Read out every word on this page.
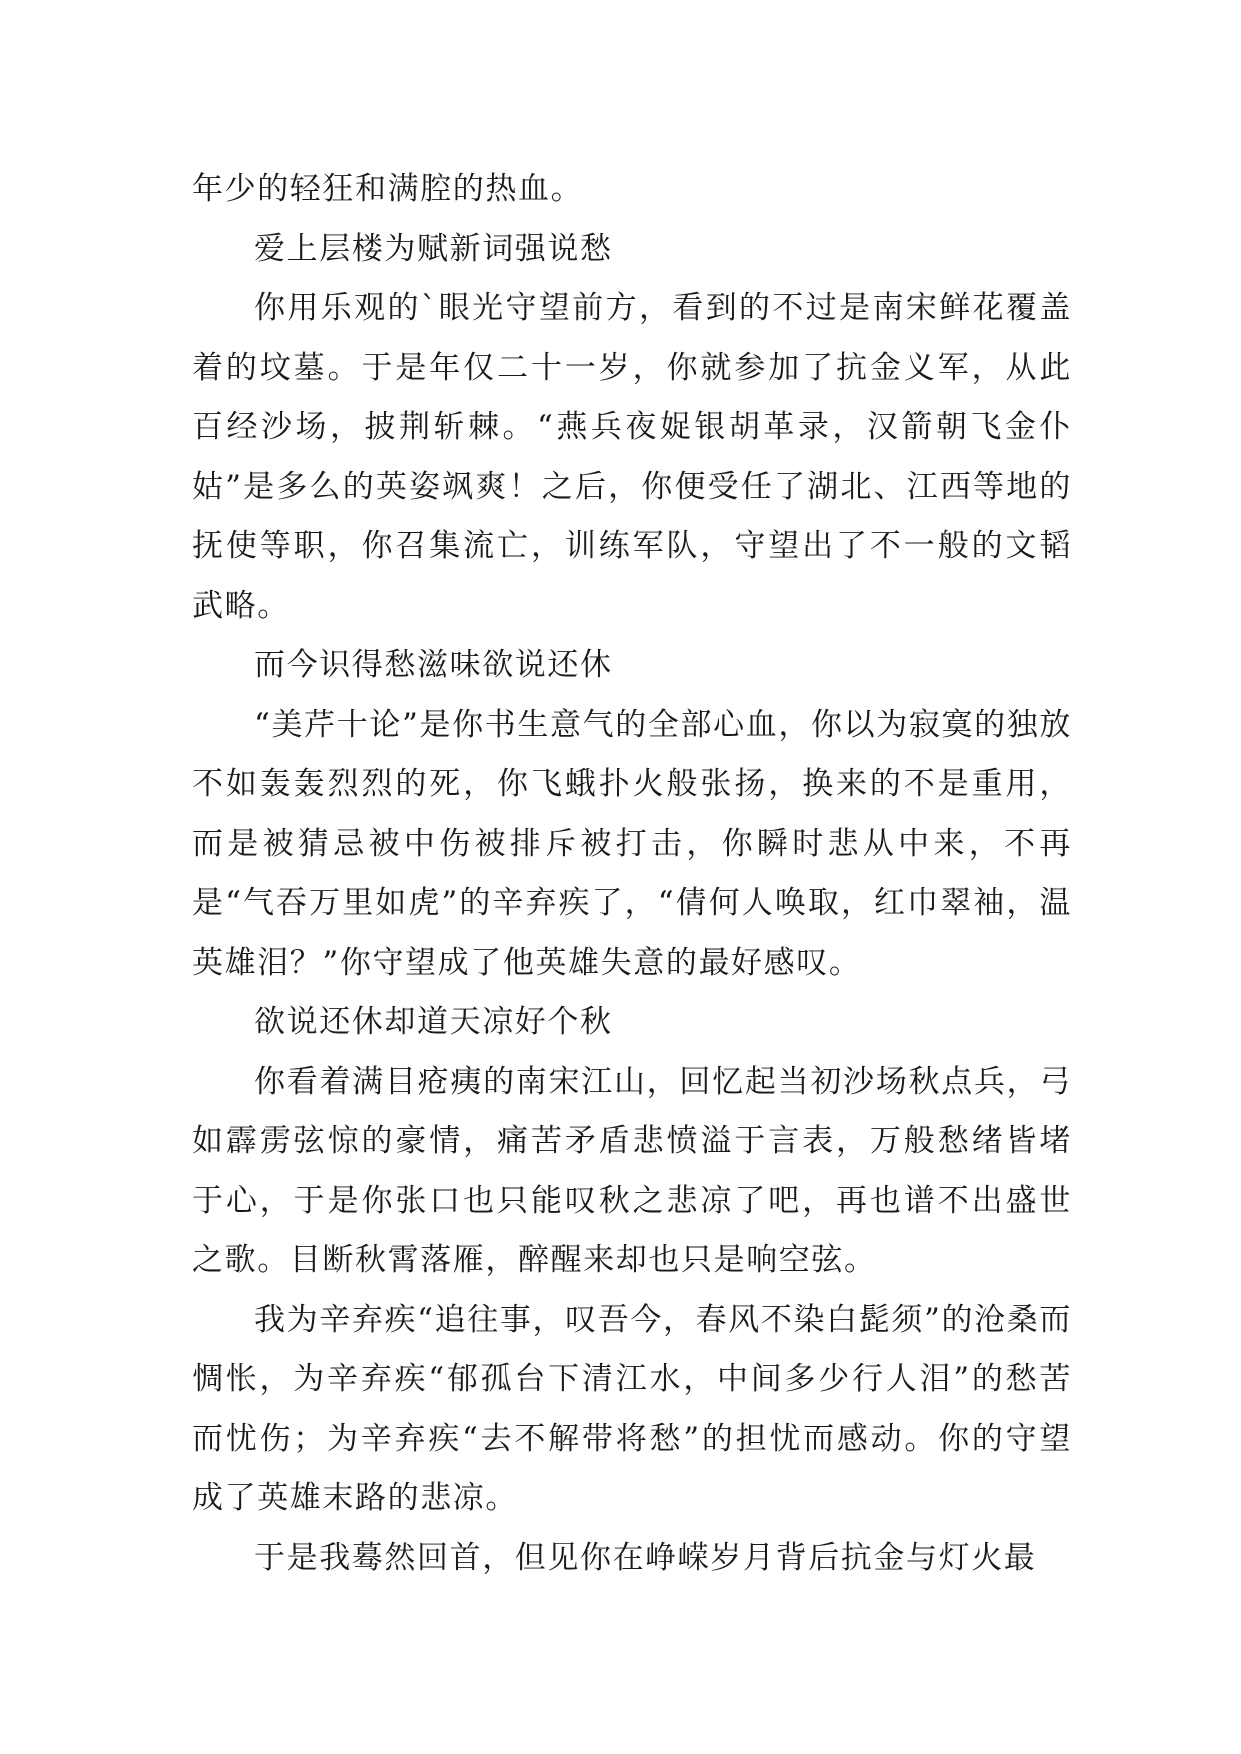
年少的轻狂和满腔的热血。

爱上层楼为赋新词强说愁

你用乐观的`眼光守望前方，看到的不过是南宋鲜花覆盖着的坟墓。于是年仅二十一岁，你就参加了抗金义军，从此百经沙场，披荆斩棘。“燕兵夜娖银胡革录，汉箭朝飞金仆姑”是多么的英姿飒爽！之后，你便受任了湖北、江西等地的抚使等职，你召集流亡，训练军队，守望出了不一般的文韬武略。

而今识得愁滋味欲说还休

“美芹十论”是你书生意气的全部心血，你以为寂寞的独放不如轰轰烈烈的死，你飞蛾扑火般张扬，换来的不是重用，而是被猜忌被中伤被排斥被打击，你瞬时悲从中来，不再是“气吞万里如虎”的辛弃疾了，“倩何人唤取，红巾翠袖，温英雄泪？”你守望成了他英雄失意的最好感叹。

欲说还休却道天凉好个秋

你看着满目疮痍的南宋江山，回忆起当初沙场秋点兵，弓如霹雳弦惊的豪情，痛苦矛盾悲愤溢于言表，万般愁绪皆堵于心，于是你张口也只能叹秋之悲凉了吧，再也谱不出盛世之歌。目断秋霄落雁，醉醒来却也只是响空弦。

我为辛弃疾“追往事，叹吾今，春风不染白髭须”的沧桑而惆怅，为辛弃疾“郁孤台下清江水，中间多少行人泪”的愁苦而忧伤；为辛弃疾“去不解带将愁”的担忧而感动。你的守望成了英雄末路的悲凉。

于是我蓦然回首，但见你在峥嵘岁月背后抗金与灯火最
